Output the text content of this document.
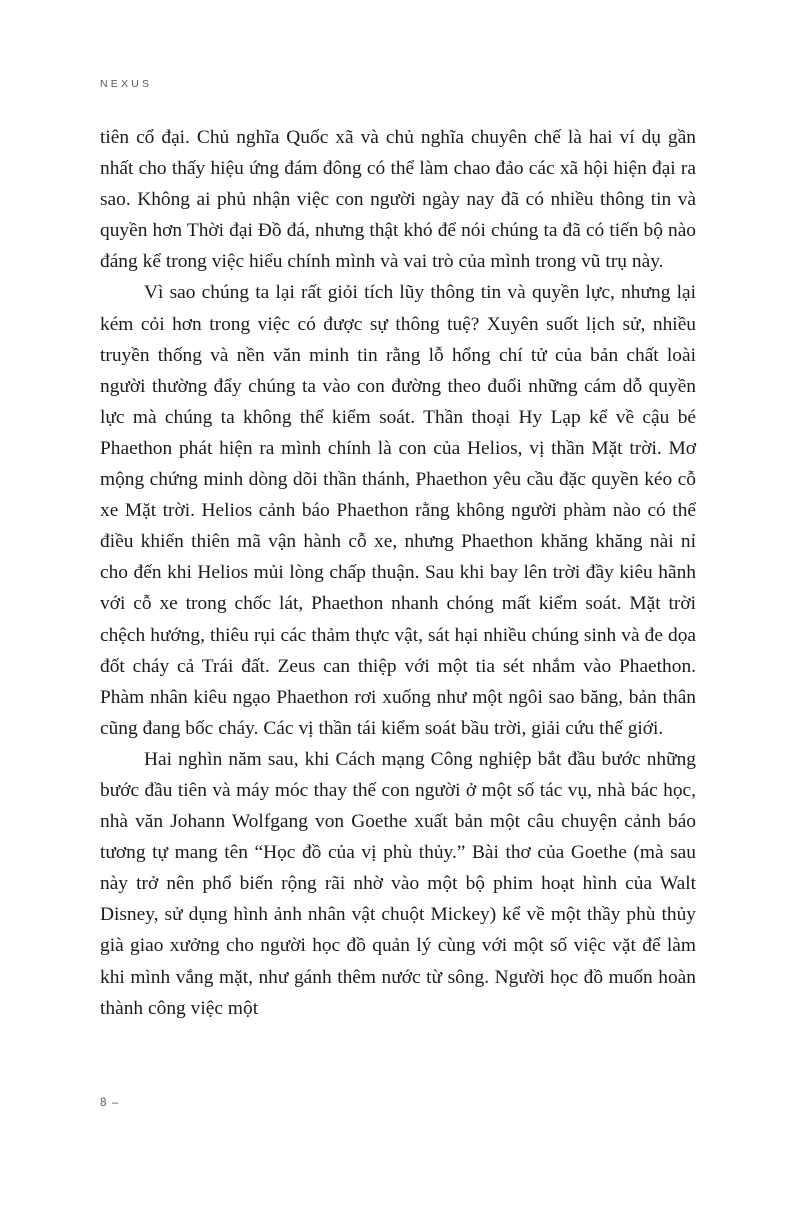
NEXUS

tiên cổ đại. Chủ nghĩa Quốc xã và chủ nghĩa chuyên chế là hai ví dụ gần nhất cho thấy hiệu ứng đám đông có thể làm chao đảo các xã hội hiện đại ra sao. Không ai phủ nhận việc con người ngày nay đã có nhiều thông tin và quyền hơn Thời đại Đồ đá, nhưng thật khó để nói chúng ta đã có tiến bộ nào đáng kể trong việc hiểu chính mình và vai trò của mình trong vũ trụ này.

Vì sao chúng ta lại rất giỏi tích lũy thông tin và quyền lực, nhưng lại kém cỏi hơn trong việc có được sự thông tuệ? Xuyên suốt lịch sử, nhiều truyền thống và nền văn minh tin rằng lỗ hổng chí tử của bản chất loài người thường đẩy chúng ta vào con đường theo đuổi những cám dỗ quyền lực mà chúng ta không thể kiểm soát. Thần thoại Hy Lạp kể về cậu bé Phaethon phát hiện ra mình chính là con của Helios, vị thần Mặt trời. Mơ mộng chứng minh dòng dõi thần thánh, Phaethon yêu cầu đặc quyền kéo cỗ xe Mặt trời. Helios cảnh báo Phaethon rằng không người phàm nào có thể điều khiển thiên mã vận hành cỗ xe, nhưng Phaethon khăng khăng nài nỉ cho đến khi Helios mủi lòng chấp thuận. Sau khi bay lên trời đầy kiêu hãnh với cỗ xe trong chốc lát, Phaethon nhanh chóng mất kiểm soát. Mặt trời chệch hướng, thiêu rụi các thảm thực vật, sát hại nhiều chúng sinh và đe dọa đốt cháy cả Trái đất. Zeus can thiệp với một tia sét nhắm vào Phaethon. Phàm nhân kiêu ngạo Phaethon rơi xuống như một ngôi sao băng, bản thân cũng đang bốc cháy. Các vị thần tái kiểm soát bầu trời, giải cứu thế giới.

Hai nghìn năm sau, khi Cách mạng Công nghiệp bắt đầu bước những bước đầu tiên và máy móc thay thế con người ở một số tác vụ, nhà bác học, nhà văn Johann Wolfgang von Goethe xuất bản một câu chuyện cảnh báo tương tự mang tên “Học đồ của vị phù thủy.” Bài thơ của Goethe (mà sau này trở nên phổ biến rộng rãi nhờ vào một bộ phim hoạt hình của Walt Disney, sử dụng hình ảnh nhân vật chuột Mickey) kể về một thầy phù thủy già giao xưởng cho người học đồ quản lý cùng với một số việc vặt để làm khi mình vắng mặt, như gánh thêm nước từ sông. Người học đồ muốn hoàn thành công việc một

8 –
